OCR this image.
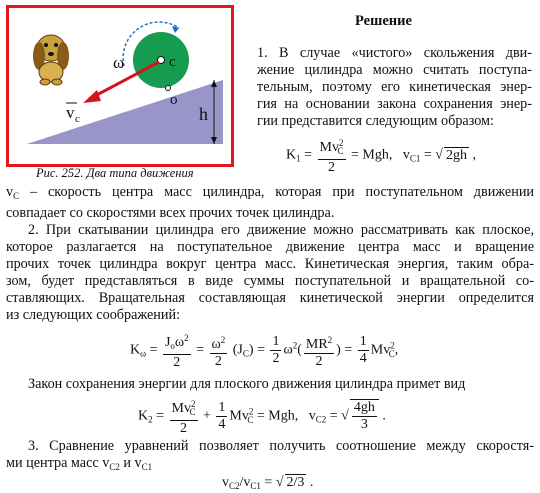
ω	c
o
v c	h
Рис. 252. Два типа движения
Решение
1. В случае «чистого» скольжения дви-
жение цилиндра можно считать поступа-
тельным, поэтому его кинетическая энер-
гия на основании закона сохранения энер-
гии представится следующим образом:
$K_1 = \frac{Mv^2_C}{2}$ = Mgh, $v_{C1}$ = √ 2gh ,
$v_C$ – скорость центра масс цилиндра, которая при поступательном движении
совпадает со скоростями всех прочих точек цилиндра.
2. При скатывании цилиндра его движение можно рассматривать как плоское,
которое разлагается на поступательное движение центра масс и вращение
прочих точек цилиндра вокруг центра масс. Кинетическая энергия, таким обра-
зом, будет представляться в виде суммы поступательной и вращательной со-
ставляющих. Вращательная составляющая кинетической энергии определится
из следующих соображений:
$K_\omega = \frac{J_o\omega^2}{2} = \frac{\omega^2}{2} (J_C) = \frac{1}{2} \omega^2( \frac{MR^2}{2}$ ) = $\frac{1}{4} Mv^2_C$,
Закон сохранения энергии для плоского движения цилиндра примет вид
$K_2 = \frac{Mv^2_C}{2} + \frac{1}{4} Mv^2_C$ = Mgh, $v_{C2}$ = √ $\frac{4gh}{3}$ .
3. Сравнение уравнений позволяет получить соотношение между скоростя-
ми центра масс $v_{C2}$ и $v_{C1}$
$v_{C2}/v_{C1}$ = √ 2/3 .
